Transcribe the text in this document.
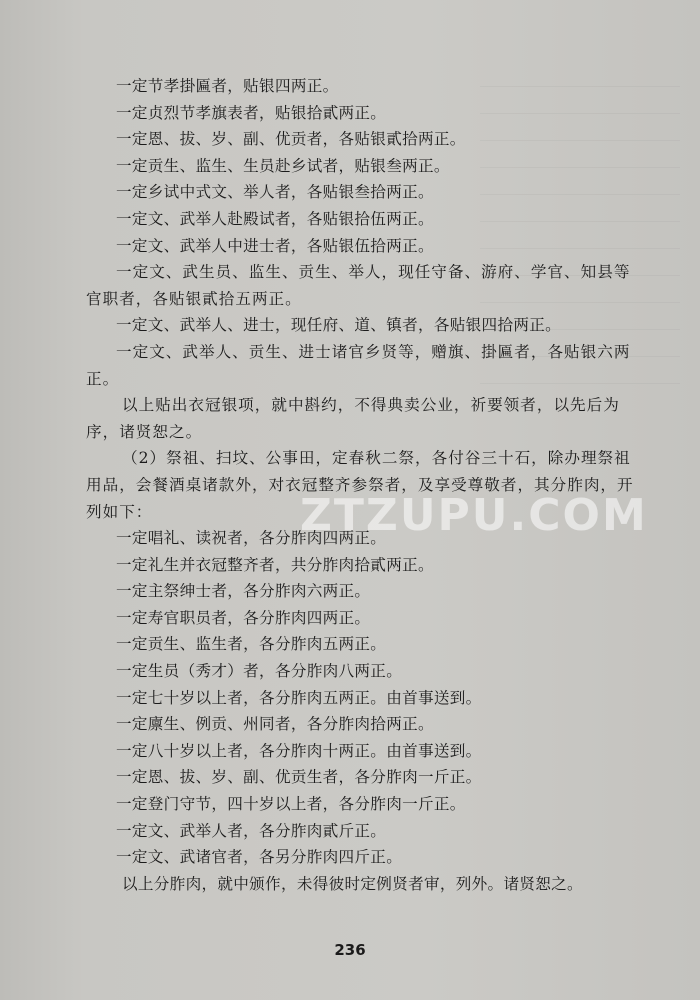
ZTZUPU.COM
一定节孝掛匾者，贴银四两正。
一定贞烈节孝旗表者，贴银拾貳两正。
一定恩、拔、岁、副、优贡者，各贴银貳拾两正。
一定贡生、监生、生员赴乡试者，贴银叁两正。
一定乡试中式文、举人者，各贴银叁拾两正。
一定文、武举人赴殿试者，各贴银拾伍两正。
一定文、武举人中进士者，各贴银伍拾两正。
一定文、武生员、监生、贡生、举人，现任守备、游府、学官、知县等官职者，各贴银貳拾五两正。
一定文、武举人、进士，现任府、道、镇者，各贴银四拾两正。
一定文、武举人、贡生、进士诸官乡贤等，赠旗、掛匾者，各贴银六两正。
以上贴出衣冠银项，就中斟约，不得典卖公业，祈要领者，以先后为序，诸贤恕之。
（2）祭祖、扫坟、公事田，定春秋二祭，各付谷三十石，除办理祭祖用品，会餐酒桌诸款外，对衣冠整齐参祭者，及享受尊敬者，其分胙肉，开列如下：
一定唱礼、读祝者，各分胙肉四两正。
一定礼生并衣冠整齐者，共分胙肉拾貳两正。
一定主祭绅士者，各分胙肉六两正。
一定寿官职员者，各分胙肉四两正。
一定贡生、监生者，各分胙肉五两正。
一定生员（秀才）者，各分胙肉八两正。
一定七十岁以上者，各分胙肉五两正。由首事送到。
一定廪生、例贡、州同者，各分胙肉拾两正。
一定八十岁以上者，各分胙肉十两正。由首事送到。
一定恩、拔、岁、副、优贡生者，各分胙肉一斤正。
一定登门守节，四十岁以上者，各分胙肉一斤正。
一定文、武举人者，各分胙肉貳斤正。
一定文、武诸官者，各另分胙肉四斤正。
以上分胙肉，就中颁作，未得彼时定例贤者审，列外。诸贤恕之。
236
